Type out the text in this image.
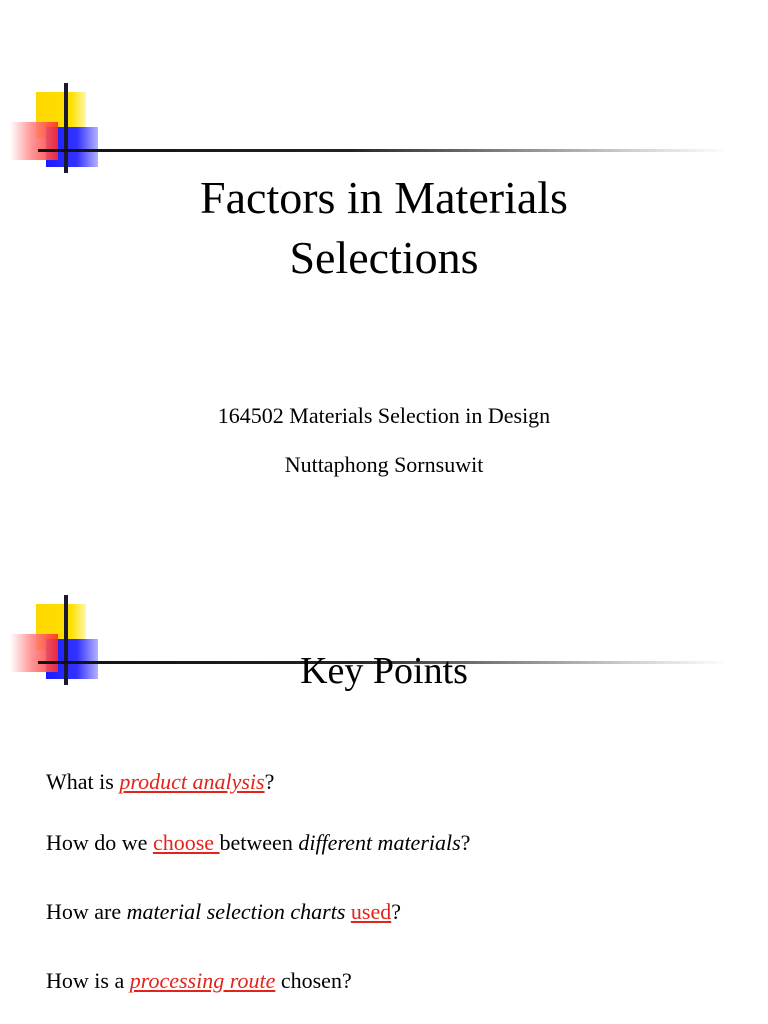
Factors in Materials
Selections

164502 Materials Selection in Design

Nuttaphong Sornsuwit

Key Points

What is product analysis?

How do we choose between different materials?

How are material selection charts used?

How is a processing route chosen?
